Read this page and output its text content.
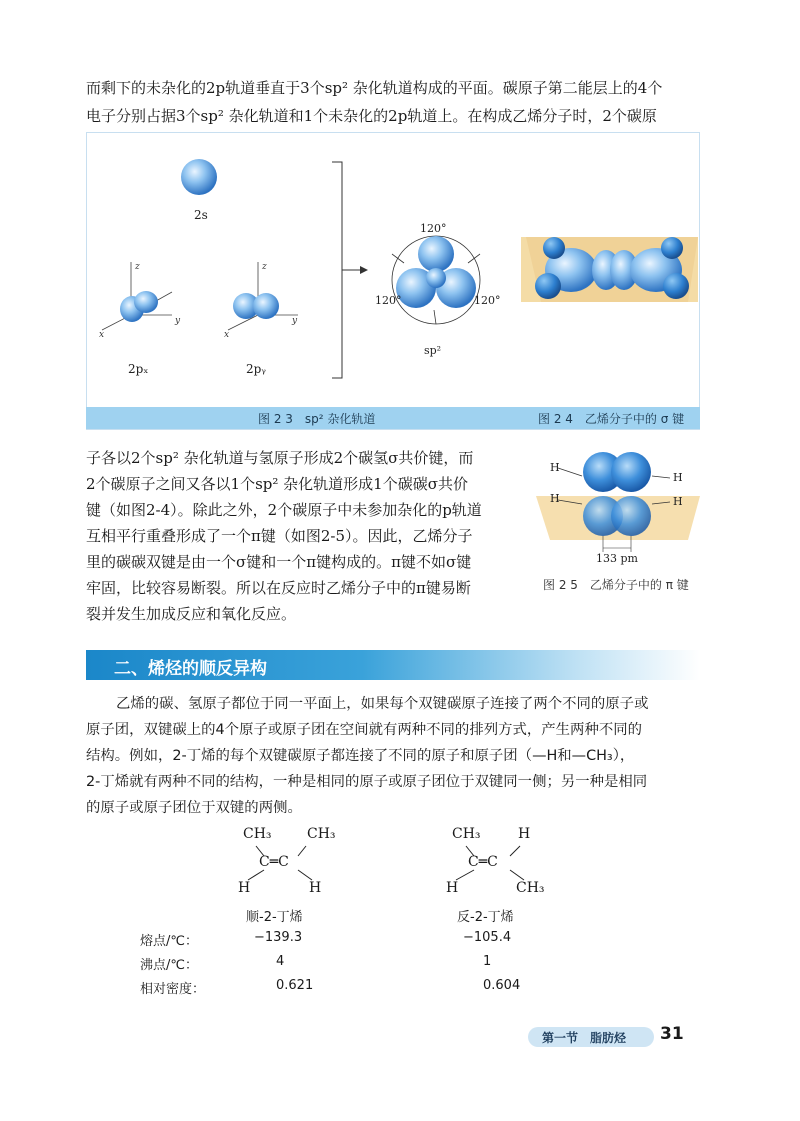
而剩下的未杂化的2p轨道垂直于3个sp² 杂化轨道构成的平面。碳原子第二能层上的4个
电子分别占据3个sp² 杂化轨道和1个未杂化的2p轨道上。在构成乙烯分子时，2个碳原
2s
2pₓ	2pᵧ
sp²
120°
120°	120°
z
y
x
z
y
x
图 2 3　sp² 杂化轨道	图 2 4　乙烯分子中的 σ 键
子各以2个sp² 杂化轨道与氢原子形成2个碳氢σ共价键，而
2个碳原子之间又各以1个sp² 杂化轨道形成1个碳碳σ共价
键（如图2-4）。除此之外，2个碳原子中未参加杂化的p轨道
互相平行重叠形成了一个π键（如图2-5）。因此，乙烯分子
里的碳碳双键是由一个σ键和一个π键构成的。π键不如σ键
牢固，比较容易断裂。所以在反应时乙烯分子中的π键易断
裂并发生加成反应和氧化反应。
H
H
H
H
133 pm
图 2 5　乙烯分子中的 π 键
二、烯烃的顺反异构
乙烯的碳、氢原子都位于同一平面上，如果每个双键碳原子连接了两个不同的原子或
原子团，双键碳上的4个原子或原子团在空间就有两种不同的排列方式，产生两种不同的
结构。例如，2-丁烯的每个双键碳原子都连接了不同的原子和原子团（—H和—CH₃），
2-丁烯就有两种不同的结构，一种是相同的原子或原子团位于双键同一侧；另一种是相同
的原子或原子团位于双键的两侧。
CH₃	CH₃
C═C
H	H
顺-2-丁烯
CH₃	H
C═C
H	CH₃
反-2-丁烯
熔点/℃：	−139.3	−105.4
沸点/℃：	4	1
相对密度：	0.621	0.604
第一节　脂肪烃 31
